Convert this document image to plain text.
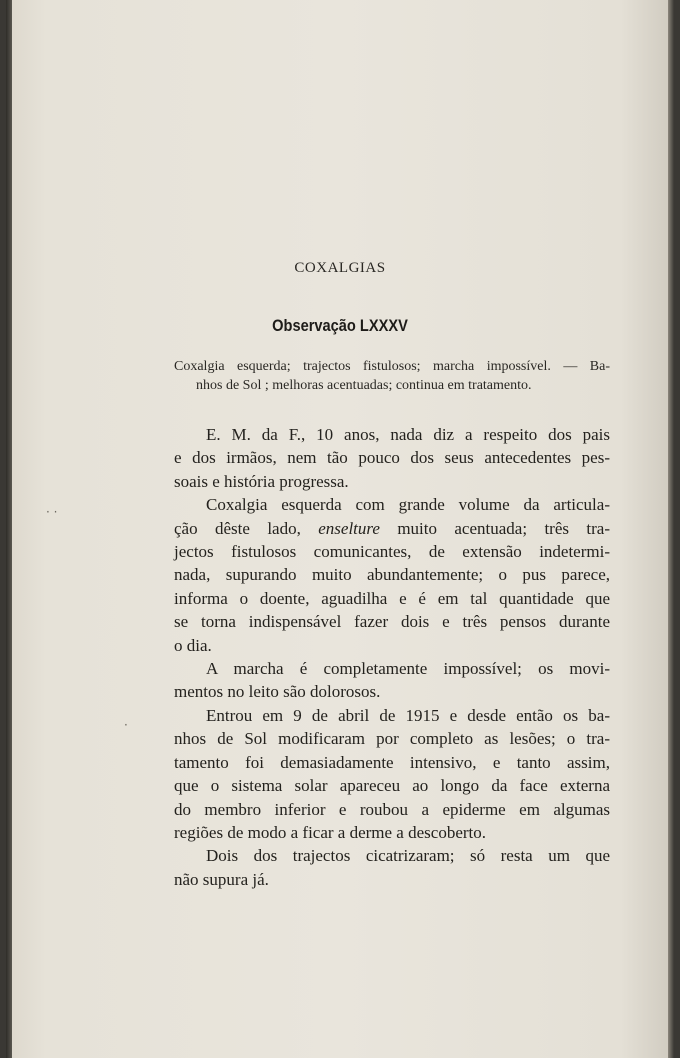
COXALGIAS
Observação LXXXV
Coxalgia esquerda; trajectos fistulosos; marcha impossível. — Ba-
nhos de Sol ; melhoras acentuadas; continua em tratamento.
E. M. da F., 10 anos, nada diz a respeito dos pais
e dos irmãos, nem tão pouco dos seus antecedentes pes-
soais e história progressa.
Coxalgia esquerda com grande volume da articula-
ção dêste lado, enselture muito acentuada; três tra-
jectos fistulosos comunicantes, de extensão indetermi-
nada, supurando muito abundantemente; o pus parece,
informa o doente, aguadilha e é em tal quantidade que
se torna indispensável fazer dois e três pensos durante
o dia.
A marcha é completamente impossível; os movi-
mentos no leito são dolorosos.
Entrou em 9 de abril de 1915 e desde então os ba-
nhos de Sol modificaram por completo as lesões; o tra-
tamento foi demasiadamente intensivo, e tanto assim,
que o sistema solar apareceu ao longo da face externa
do membro inferior e roubou a epiderme em algumas
regiões de modo a ficar a derme a descoberto.
Dois dos trajectos cicatrizaram; só resta um que
não supura já.
· ·
·
